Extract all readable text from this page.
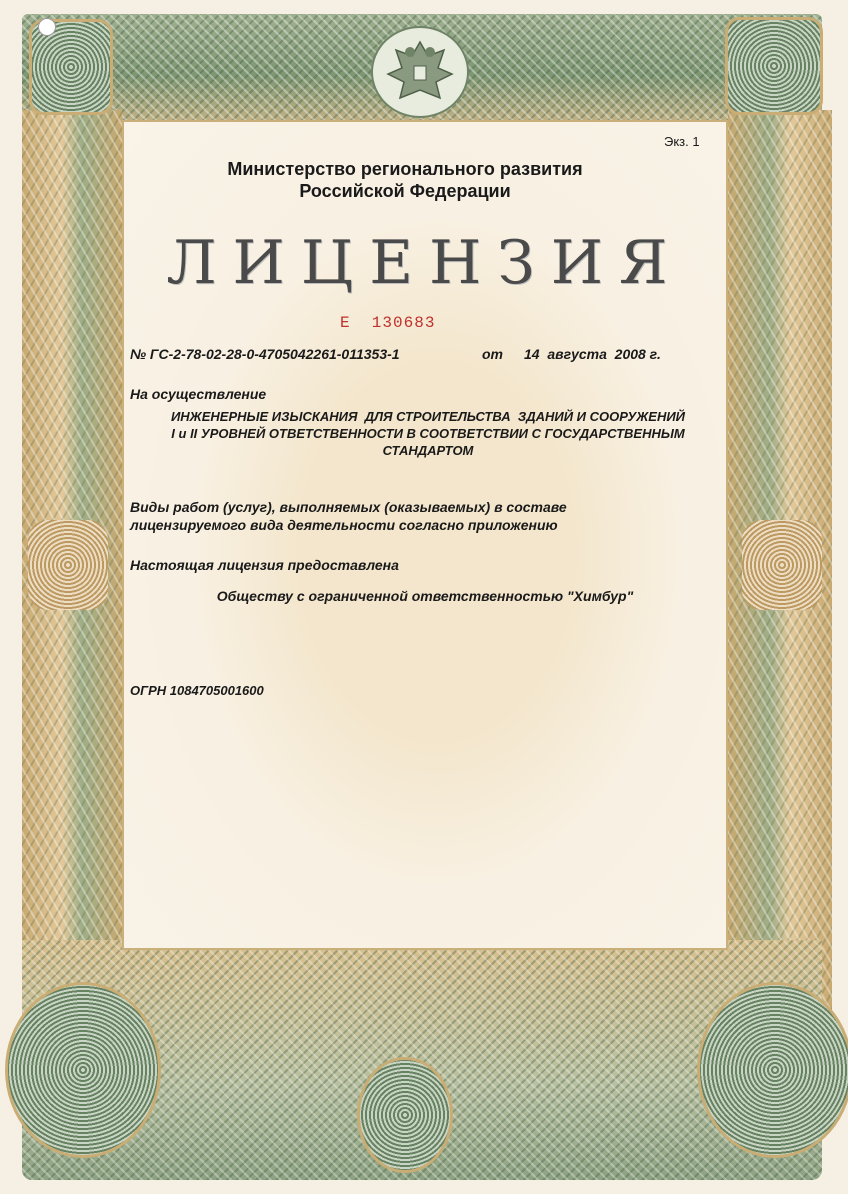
Экз. 1
Министерство регионального развития
Российской Федерации
ЛИЦЕНЗИЯ
Е  130683
№ ГС-2-78-02-28-0-4705042261-011353-1	от 14  августа  2008 г.
На осуществление
ИНЖЕНЕРНЫЕ ИЗЫСКАНИЯ  ДЛЯ СТРОИТЕЛЬСТВА  ЗДАНИЙ И СООРУЖЕНИЙ
I и II УРОВНЕЙ ОТВЕТСТВЕННОСТИ В СООТВЕТСТВИИ С ГОСУДАРСТВЕННЫМ
СТАНДАРТОМ
Виды работ (услуг), выполняемых (оказываемых) в составе
лицензируемого вида деятельности согласно приложению
Настоящая лицензия предоставлена
Обществу с ограниченной ответственностью "Химбур"
ОГРН 1084705001600
